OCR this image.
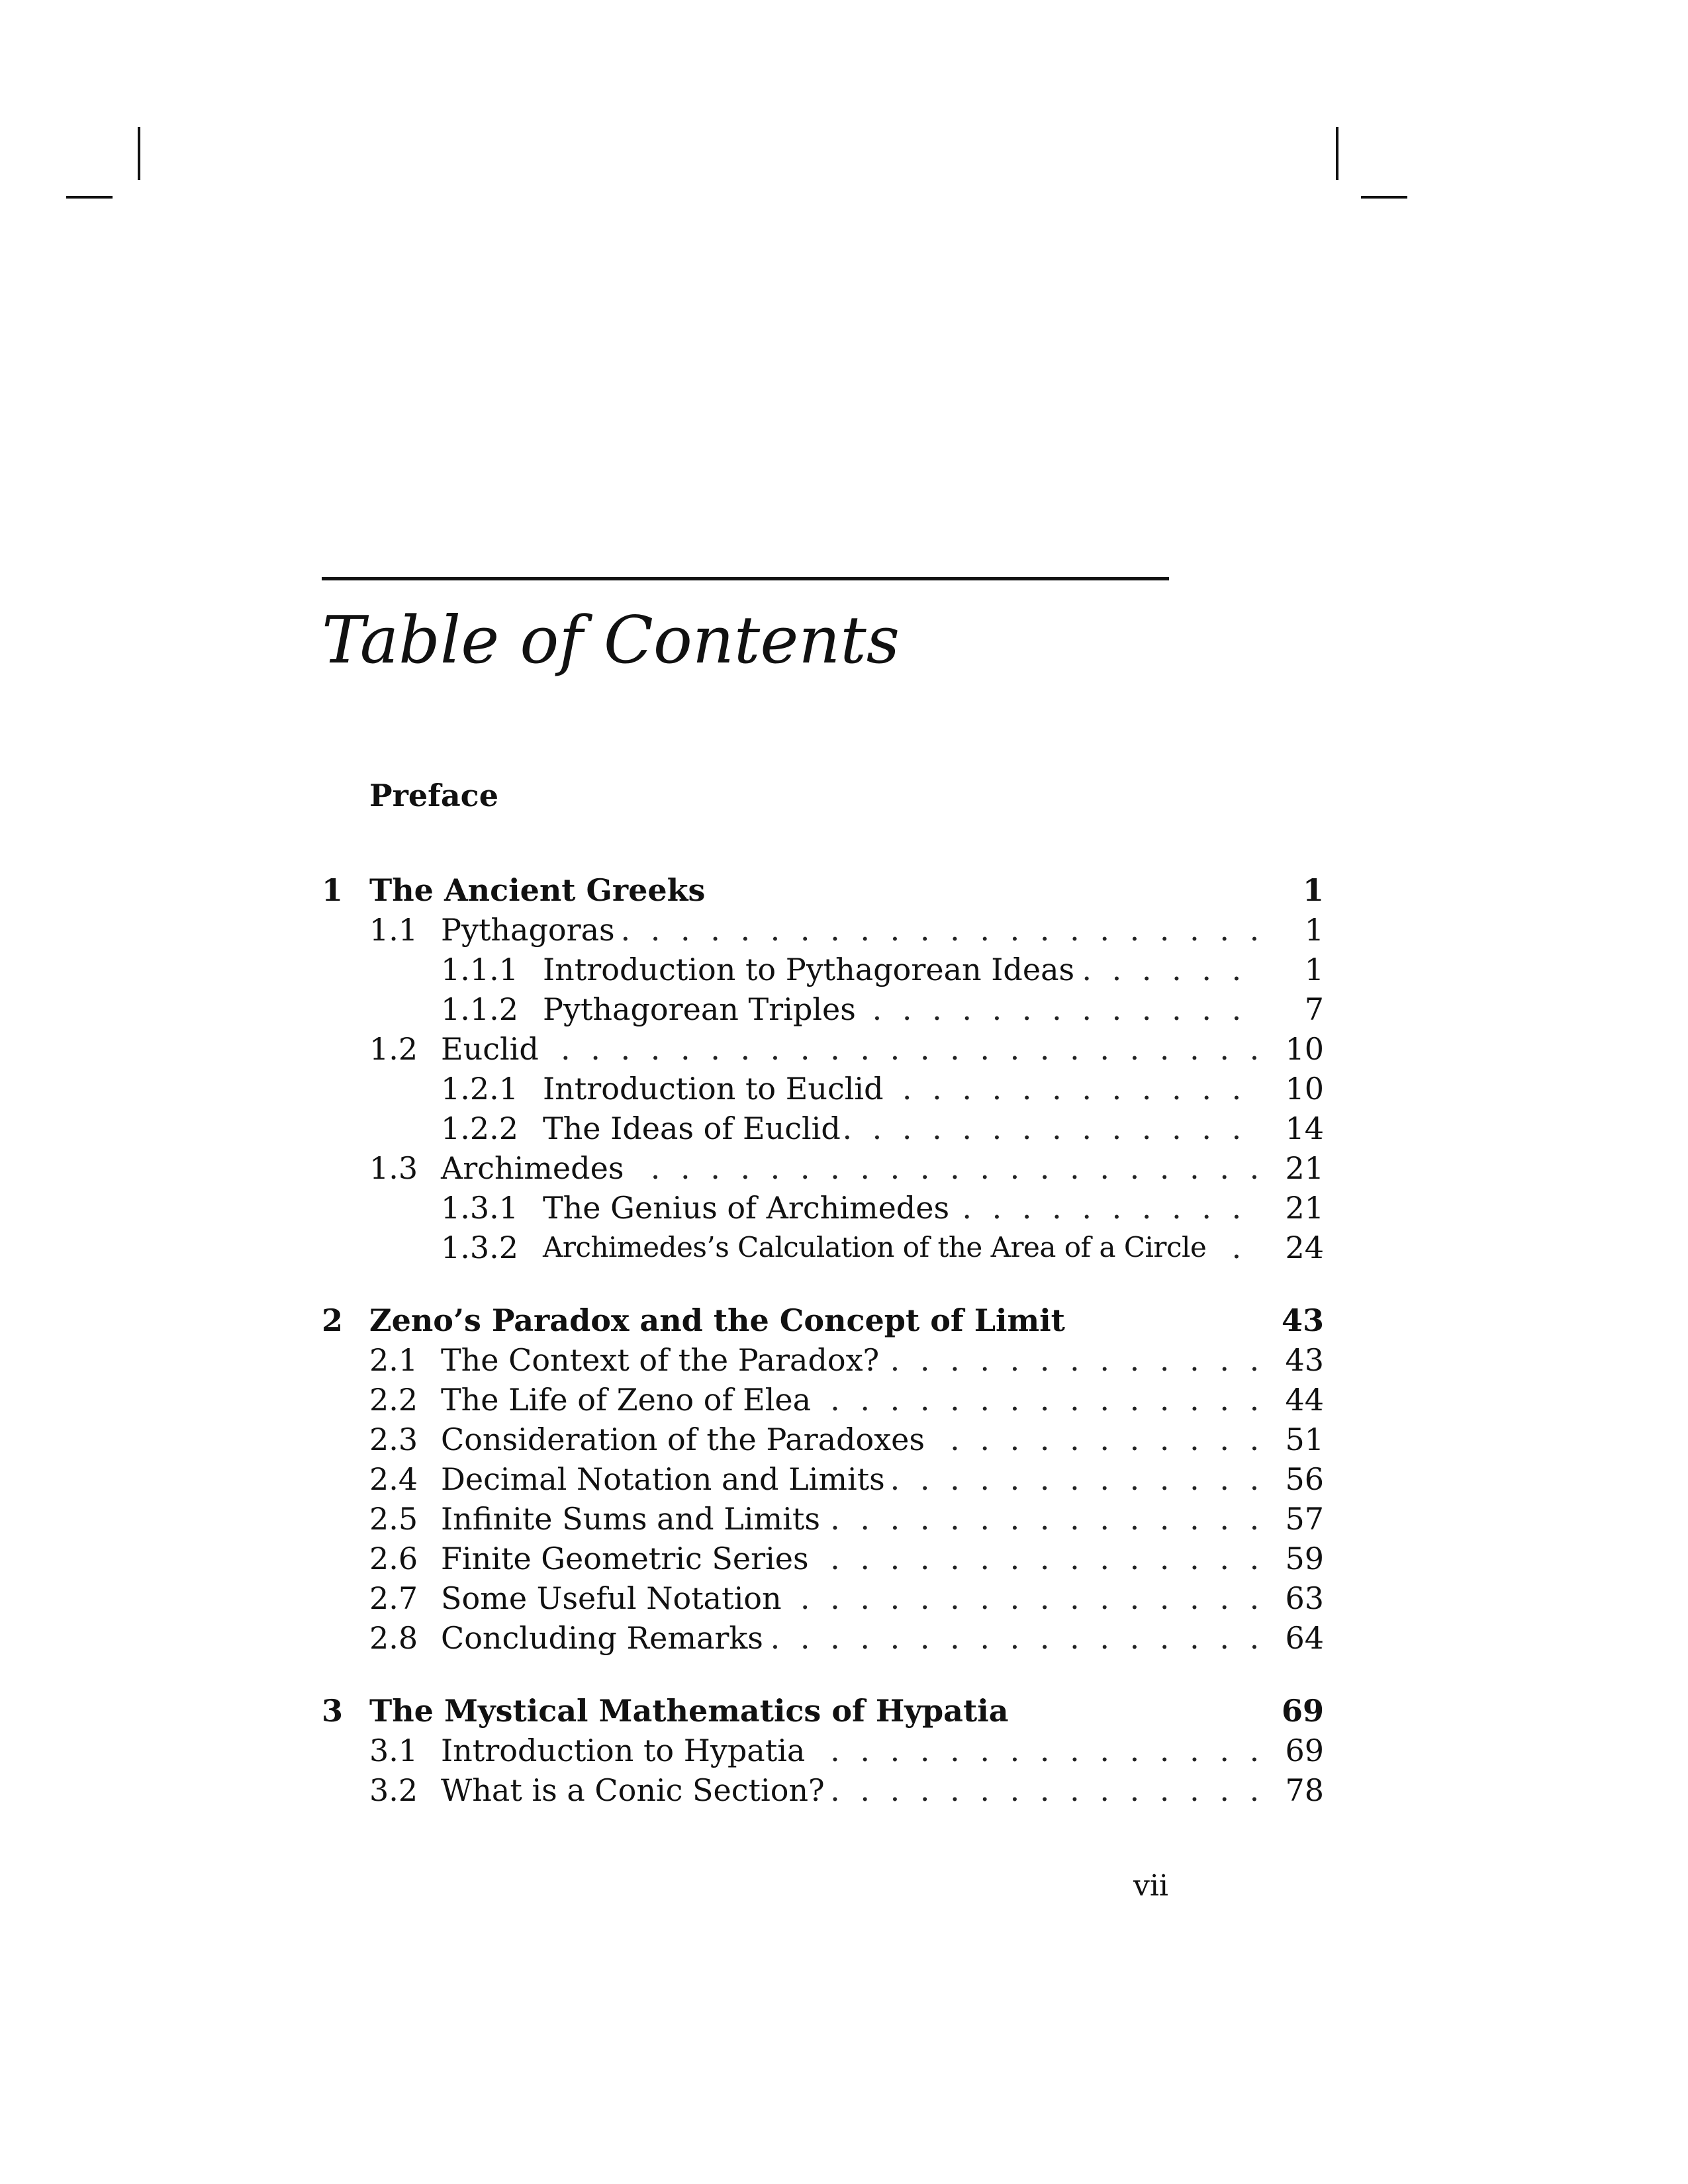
Table of Contents
Preface
1 The Ancient Greeks	1
1.1 . . . Pythagoras	1
1.1.1 . . . Introduction to Pythagorean Ideas	1
1.1.2 . . . Pythagorean Triples	7
1.2 . . . Euclid	10
1.2.1 . . . Introduction to Euclid	10
1.2.2 . . . The Ideas of Euclid	14
1.3 . . . Archimedes	21
1.3.1 . . . The Genius of Archimedes	21
1.3.2 . . . Archimedes’s Calculation of the Area of a Circle	24
2 Zeno’s Paradox and the Concept of Limit	43
2.1 . . . The Context of the Paradox?	43
2.2 . . . The Life of Zeno of Elea	44
2.3 . . . Consideration of the Paradoxes	51
2.4 . . . Decimal Notation and Limits	56
2.5 . . . Infinite Sums and Limits	57
2.6 . . . Finite Geometric Series	59
2.7 . . . Some Useful Notation	63
2.8 . . . Concluding Remarks	64
3 The Mystical Mathematics of Hypatia	69
3.1 . . . Introduction to Hypatia	69
3.2 . . . What is a Conic Section?	78
vii
